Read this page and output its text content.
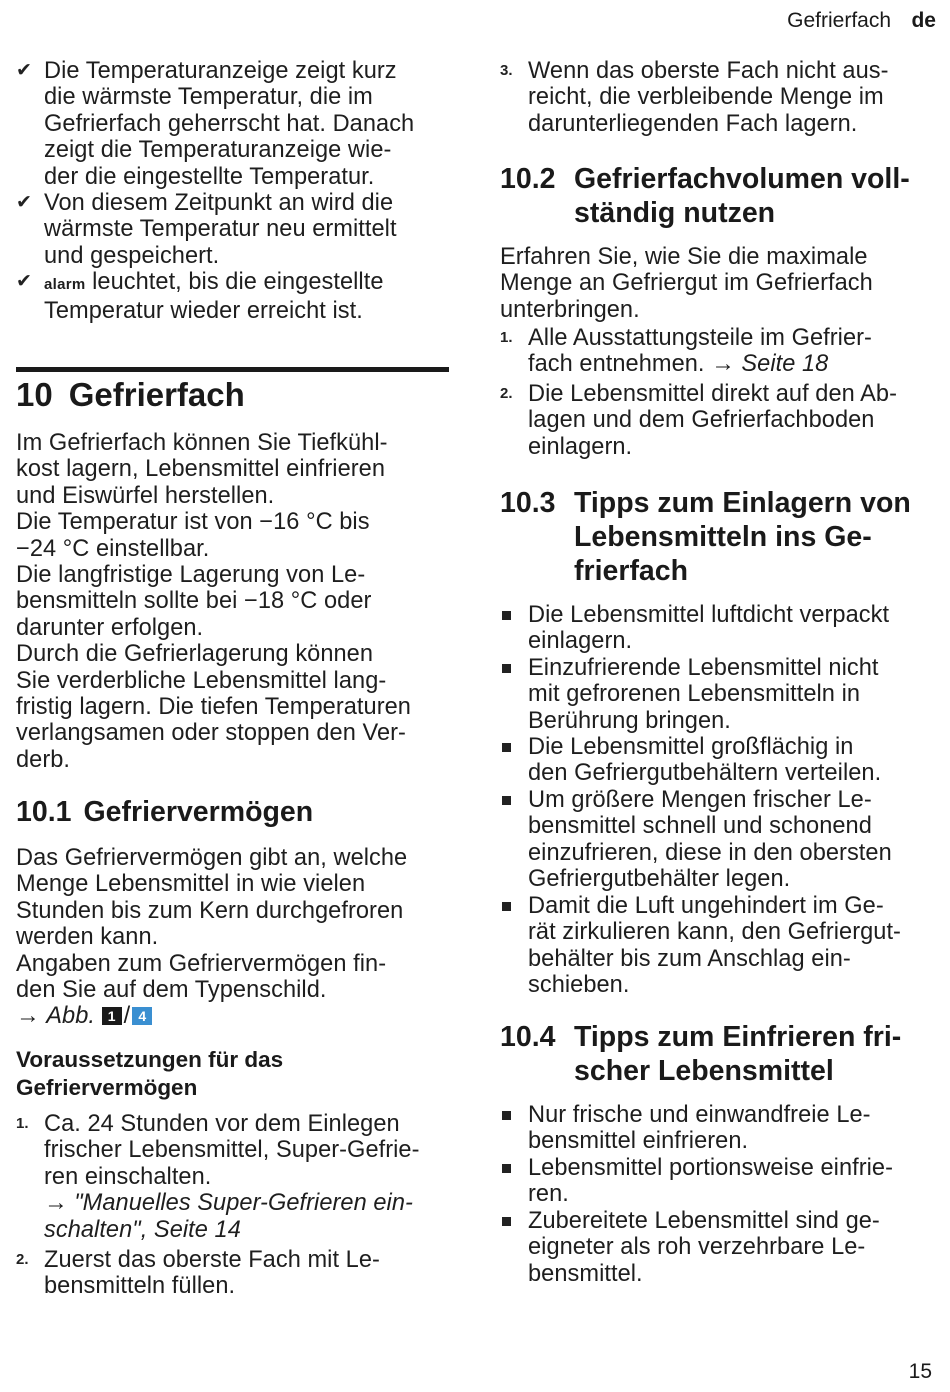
Gefrierfach de
✔ Die Temperaturanzeige zeigt kurz
die wärmste Temperatur, die im
Gefrierfach geherrscht hat. Danach
zeigt die Temperaturanzeige wie-
der die eingestellte Temperatur.
✔ Von diesem Zeitpunkt an wird die
wärmste Temperatur neu ermittelt
und gespeichert.
✔ alarm leuchtet, bis die eingestellte
Temperatur wieder erreicht ist.
10 Gefrierfach
Im Gefrierfach können Sie Tiefkühl-
kost lagern, Lebensmittel einfrieren
und Eiswürfel herstellen.
Die Temperatur ist von −16 °C bis
−24 °C einstellbar.
Die langfristige Lagerung von Le-
bensmitteln sollte bei −18 °C oder
darunter erfolgen.
Durch die Gefrierlagerung können
Sie verderbliche Lebensmittel lang-
fristig lagern. Die tiefen Temperaturen
verlangsamen oder stoppen den Ver-
derb.
10.1 Gefriervermögen
Das Gefriervermögen gibt an, welche
Menge Lebensmittel in wie vielen
Stunden bis zum Kern durchgefroren
werden kann.
Angaben zum Gefriervermögen fin-
den Sie auf dem Typenschild.
→ Abb. 1 / 4
Voraussetzungen für das
Gefriervermögen
1. Ca. 24 Stunden vor dem Einlegen
frischer Lebensmittel, Super-Gefrie-
ren einschalten.
→ "Manuelles Super-Gefrieren ein-
schalten", Seite 14
2. Zuerst das oberste Fach mit Le-
bensmitteln füllen.
3. Wenn das oberste Fach nicht aus-
reicht, die verbleibende Menge im
darunterliegenden Fach lagern.
10.2 Gefrierfachvolumen voll-
ständig nutzen
Erfahren Sie, wie Sie die maximale
Menge an Gefriergut im Gefrierfach
unterbringen.
1. Alle Ausstattungsteile im Gefrier-
fach entnehmen. → Seite 18
2. Die Lebensmittel direkt auf den Ab-
lagen und dem Gefrierfachboden
einlagern.
10.3 Tipps zum Einlagern von
Lebensmitteln ins Ge-
frierfach
Die Lebensmittel luftdicht verpackt
einlagern.
Einzufrierende Lebensmittel nicht
mit gefrorenen Lebensmitteln in
Berührung bringen.
Die Lebensmittel großflächig in
den Gefriergutbehältern verteilen.
Um größere Mengen frischer Le-
bensmittel schnell und schonend
einzufrieren, diese in den obersten
Gefriergutbehälter legen.
Damit die Luft ungehindert im Ge-
rät zirkulieren kann, den Gefriergut-
behälter bis zum Anschlag ein-
schieben.
10.4 Tipps zum Einfrieren fri-
scher Lebensmittel
Nur frische und einwandfreie Le-
bensmittel einfrieren.
Lebensmittel portionsweise einfrie-
ren.
Zubereitete Lebensmittel sind ge-
eigneter als roh verzehrbare Le-
bensmittel.
15
